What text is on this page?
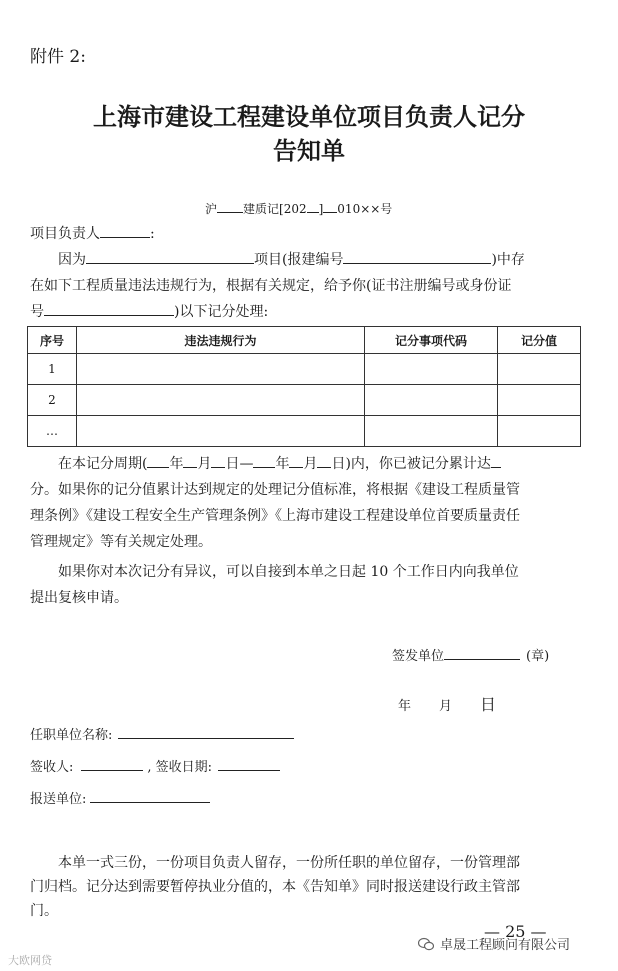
附件 2:
上海市建设工程建设单位项目负责人记分
告知单
沪 建质记[202 ] 010××号
项目负责人	:
因为	项目(报建编号	)中存
在如下工程质量违法违规行为，根据有关规定，给予你(证书注册编号或身份证
号	)以下记分处理:
序号	违法违规行为	记分事项代码	记分值
1			
2			
…			
在本记分周期( 年 月 日— 年 月 日)内，你已被记分累计达
分。如果你的记分值累计达到规定的处理记分值标准，将根据《建设工程质量管
理条例》《建设工程安全生产管理条例》《上海市建设工程建设单位首要质量责任
管理规定》等有关规定处理。
如果你对本次记分有异议，可以自接到本单之日起 10 个工作日内向我单位
提出复核申请。
签发单位	(章)
年 月 日
任职单位名称:
签收人:	, 签收日期:
报送单位:
本单一式三份，一份项目负责人留存，一份所任职的单位留存，一份管理部
门归档。记分达到需要暂停执业分值的，本《告知单》同时报送建设行政主管部
门。
— 25 —
卓晟工程顾问有限公司
大欧网贷
